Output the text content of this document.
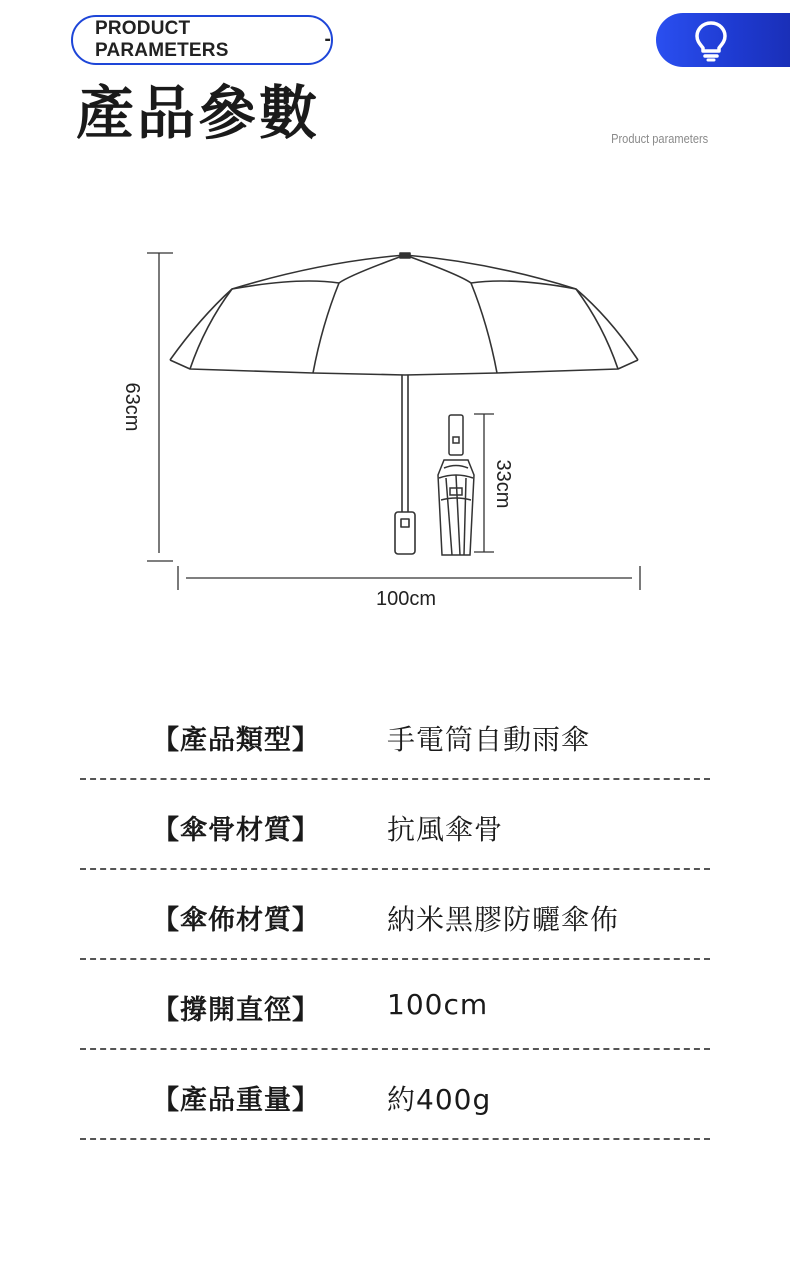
PRODUCT PARAMETERS
-
產品參數	Product parameters
63cm
33cm
100cm
【產品類型】 手電筒自動雨傘
【傘骨材質】 抗風傘骨
【傘佈材質】 納米黑膠防曬傘佈
【撐開直徑】 100cm
【產品重量】 約400g
